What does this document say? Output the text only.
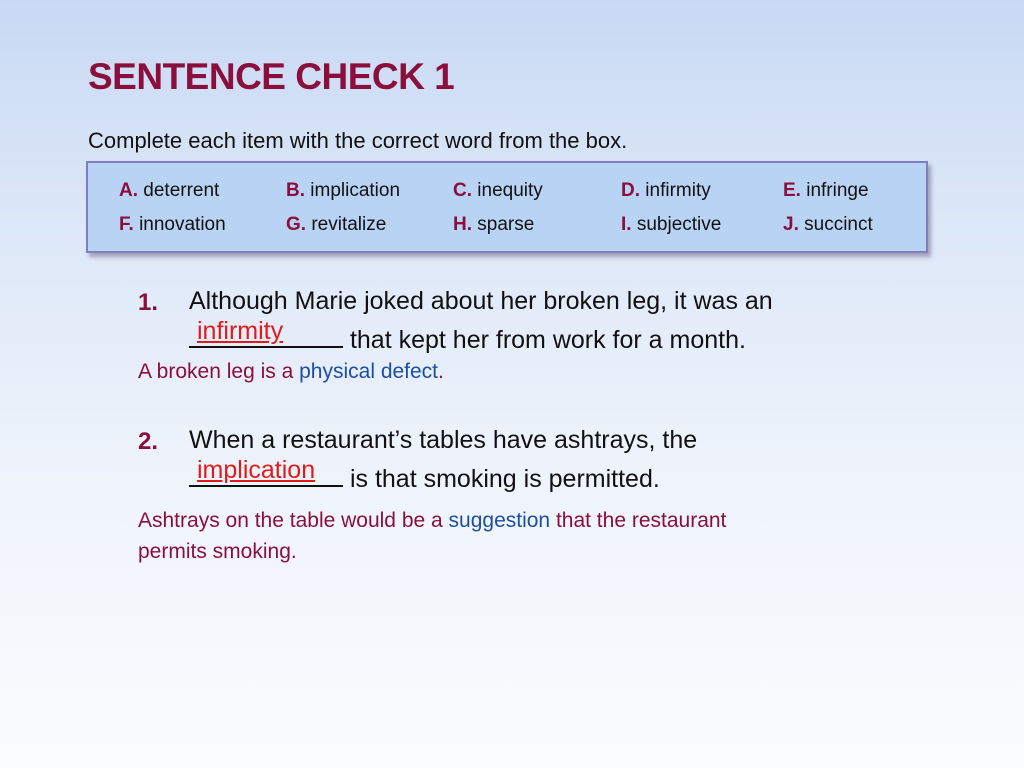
SENTENCE CHECK 1
Complete each item with the correct word from the box.
A. deterrent	B. implication	C. inequity	D. infirmity	E. infringe
F. innovation	G. revitalize	H. sparse	I. subjective	J. succinct
1. Although Marie joked about her broken leg, it was an
infirmity	that kept her from work for a month.
A broken leg is a physical defect.
2. When a restaurant’s tables have ashtrays, the
implication is that smoking is permitted.
Ashtrays on the table would be a suggestion that the restaurant
permits smoking.
